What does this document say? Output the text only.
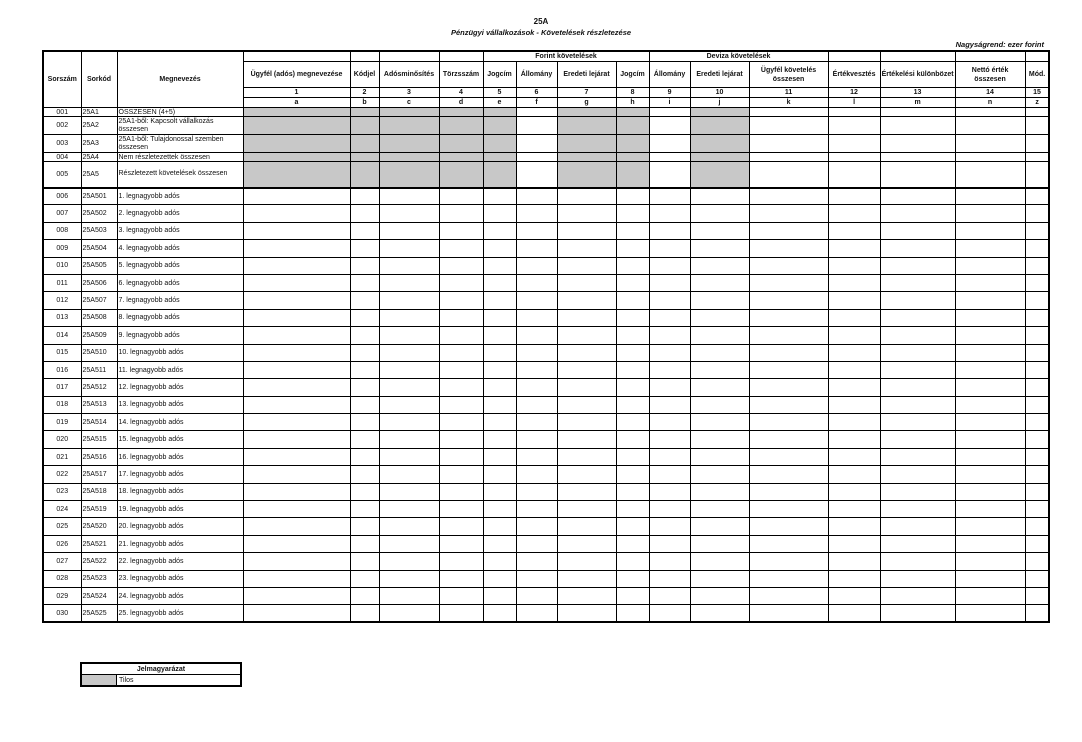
25A
Pénzügyi vállalkozások - Követelések részletezése
Nagyságrend: ezer forint
Sorszám	Sorkód	Megnevezés					Forint követelések				Deviza követelések							
			Ügyfél (adós) megnevezése	Kódjel	Adósminősítés	Törzsszám	Jogcím	Állomány	Eredeti lejárat	Jogcím	Állomány	Eredeti lejárat	Ügyfél követelés összesen	Értékvesztés	Értékelési különbözet	Nettó érték összesen	Mód.	
			1	2	3	4	5	6	7	8	9	10	11	12	13	14	15	
			a	b	c	d	e	f	g	h	i	j	k	l	m	n	z	
001	25A1	ÖSSZESEN (4+5)																
002	25A2	25A1-ből: Kapcsolt vállalkozás összesen																
003	25A3	25A1-ből: Tulajdonossal szemben összesen																
004	25A4	Nem részletezettek összesen																
005	25A5	Részletezett követelések összesen																
006	25A501	1. legnagyobb adós																
007	25A502	2. legnagyobb adós																
008	25A503	3. legnagyobb adós																
009	25A504	4. legnagyobb adós																
010	25A505	5. legnagyobb adós																
011	25A506	6. legnagyobb adós																
012	25A507	7. legnagyobb adós																
013	25A508	8. legnagyobb adós																
014	25A509	9. legnagyobb adós																
015	25A510	10. legnagyobb adós																
016	25A511	11. legnagyobb adós																
017	25A512	12. legnagyobb adós																
018	25A513	13. legnagyobb adós																
019	25A514	14. legnagyobb adós																
020	25A515	15. legnagyobb adós																
021	25A516	16. legnagyobb adós																
022	25A517	17. legnagyobb adós																
023	25A518	18. legnagyobb adós																
024	25A519	19. legnagyobb adós																
025	25A520	20. legnagyobb adós																
026	25A521	21. legnagyobb adós																
027	25A522	22. legnagyobb adós																
028	25A523	23. legnagyobb adós																
029	25A524	24. legnagyobb adós																
030	25A525	25. legnagyobb adós																
Jelmagyarázat
	Tilos
